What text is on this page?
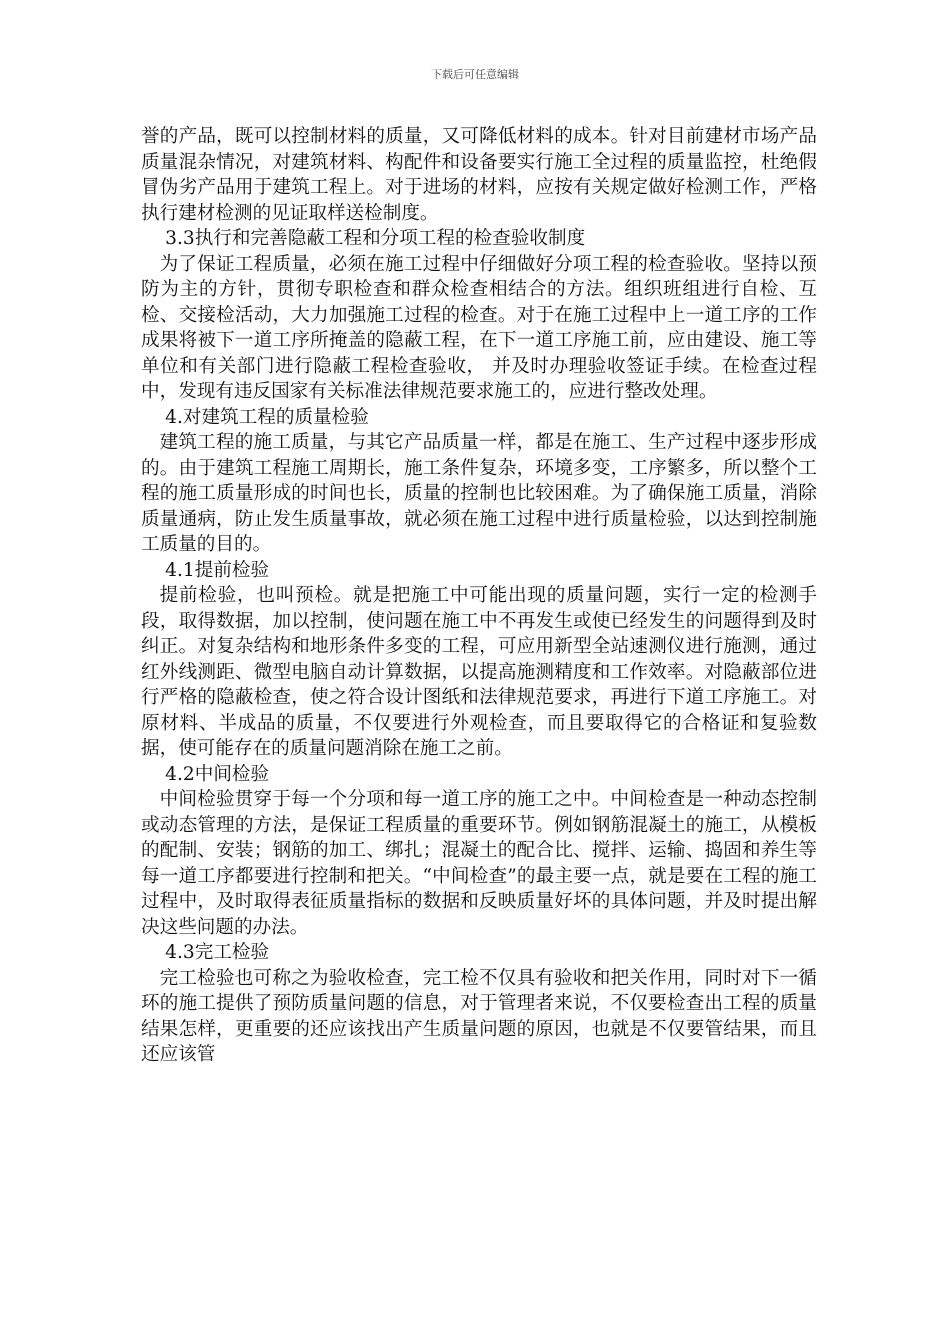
下载后可任意编辑

誉的产品，既可以控制材料的质量，又可降低材料的成本。针对目前建材市场产品质量混杂情况，对建筑材料、构配件和设备要实行施工全过程的质量监控，杜绝假冒伪劣产品用于建筑工程上。对于进场的材料，应按有关规定做好检测工作，严格执行建材检测的见证取样送检制度。

3.3执行和完善隐蔽工程和分项工程的检查验收制度

为了保证工程质量，必须在施工过程中仔细做好分项工程的检查验收。坚持以预防为主的方针，贯彻专职检查和群众检查相结合的方法。组织班组进行自检、互检、交接检活动，大力加强施工过程的检查。对于在施工过程中上一道工序的工作成果将被下一道工序所掩盖的隐蔽工程，在下一道工序施工前，应由建设、施工等单位和有关部门进行隐蔽工程检查验收， 并及时办理验收签证手续。在检查过程中，发现有违反国家有关标准法律规范要求施工的，应进行整改处理。

4.对建筑工程的质量检验

建筑工程的施工质量，与其它产品质量一样，都是在施工、生产过程中逐步形成的。由于建筑工程施工周期长，施工条件复杂，环境多变，工序繁多，所以整个工程的施工质量形成的时间也长，质量的控制也比较困难。为了确保施工质量，消除质量通病，防止发生质量事故，就必须在施工过程中进行质量检验，以达到控制施工质量的目的。

4.1提前检验

提前检验，也叫预检。就是把施工中可能出现的质量问题，实行一定的检测手段，取得数据，加以控制，使问题在施工中不再发生或使已经发生的问题得到及时纠正。对复杂结构和地形条件多变的工程，可应用新型全站速测仪进行施测，通过红外线测距、微型电脑自动计算数据，以提高施测精度和工作效率。对隐蔽部位进行严格的隐蔽检查，使之符合设计图纸和法律规范要求，再进行下道工序施工。对原材料、半成品的质量，不仅要进行外观检查，而且要取得它的合格证和复验数据，使可能存在的质量问题消除在施工之前。

4.2中间检验

中间检验贯穿于每一个分项和每一道工序的施工之中。中间检查是一种动态控制或动态管理的方法，是保证工程质量的重要环节。例如钢筋混凝土的施工，从模板的配制、安装；钢筋的加工、绑扎；混凝土的配合比、搅拌、运输、捣固和养生等每一道工序都要进行控制和把关。“中间检查”的最主要一点，就是要在工程的施工过程中，及时取得表征质量指标的数据和反映质量好坏的具体问题，并及时提出解决这些问题的办法。

4.3完工检验

完工检验也可称之为验收检查，完工检不仅具有验收和把关作用，同时对下一循环的施工提供了预防质量问题的信息，对于管理者来说，不仅要检查出工程的质量结果怎样，更重要的还应该找出产生质量问题的原因，也就是不仅要管结果，而且还应该管
